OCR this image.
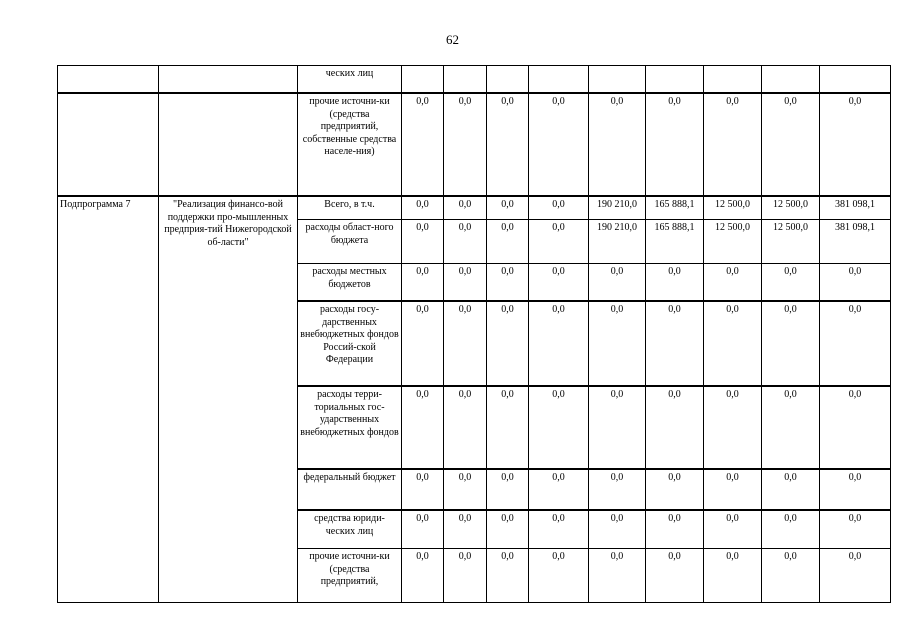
62
		ческих лиц									
		прочие источни-ки (средства предприятий, собственные средства населе-ния)	0,0	0,0	0,0	0,0	0,0	0,0	0,0	0,0	0,0
Подпрограмма 7	"Реализация финансо-вой поддержки про-мышленных предприя-тий Нижегородской об-ласти"	Всего, в т.ч.	0,0	0,0	0,0	0,0	190 210,0	165 888,1	12 500,0	12 500,0	381 098,1
		расходы област-ного бюджета	0,0	0,0	0,0	0,0	190 210,0	165 888,1	12 500,0	12 500,0	381 098,1
		расходы местных бюджетов	0,0	0,0	0,0	0,0	0,0	0,0	0,0	0,0	0,0
		расходы госу-дарственных внебюджетных фондов Россий-ской Федерации	0,0	0,0	0,0	0,0	0,0	0,0	0,0	0,0	0,0
		расходы терри-ториальных гос-ударственных внебюджетных фондов	0,0	0,0	0,0	0,0	0,0	0,0	0,0	0,0	0,0
		федеральный бюджет	0,0	0,0	0,0	0,0	0,0	0,0	0,0	0,0	0,0
		средства юриди-ческих лиц	0,0	0,0	0,0	0,0	0,0	0,0	0,0	0,0	0,0
		прочие источни-ки (средства предприятий,	0,0	0,0	0,0	0,0	0,0	0,0	0,0	0,0	0,0
